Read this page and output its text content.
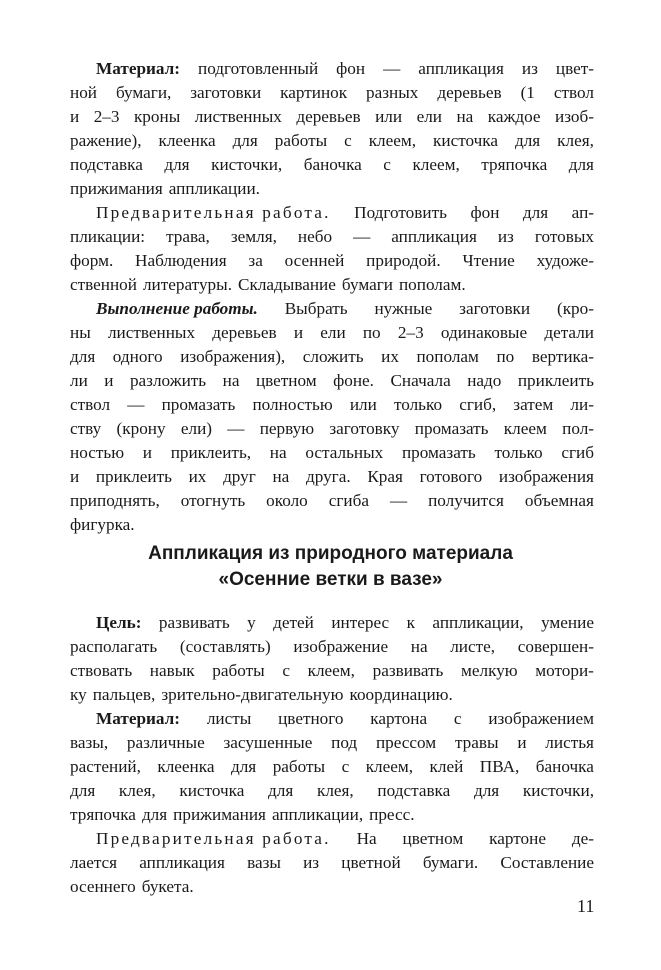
Материал: подготовленный фон — аппликация из цвет-
ной бумаги, заготовки картинок разных деревьев (1 ствол
и 2–3 кроны лиственных деревьев или ели на каждое изоб-
ражение), клеенка для работы с клеем, кисточка для клея,
подставка для кисточки, баночка с клеем, тряпочка для
прижимания аппликации.
Предварительная работа. Подготовить фон для ап-
пликации: трава, земля, небо — аппликация из готовых
форм. Наблюдения за осенней природой. Чтение художе-
ственной литературы. Складывание бумаги пополам.
Выполнение работы. Выбрать нужные заготовки (кро-
ны лиственных деревьев и ели по 2–3 одинаковые детали
для одного изображения), сложить их пополам по вертика-
ли и разложить на цветном фоне. Сначала надо приклеить
ствол — промазать полностью или только сгиб, затем ли-
ству (крону ели) — первую заготовку промазать клеем пол-
ностью и приклеить, на остальных промазать только сгиб
и приклеить их друг на друга. Края готового изображения
приподнять, отогнуть около сгиба — получится объемная
фигурка.
Аппликация из природного материала
«Осенние ветки в вазе»
Цель: развивать у детей интерес к аппликации, умение
располагать (составлять) изображение на листе, совершен-
ствовать навык работы с клеем, развивать мелкую мотори-
ку пальцев, зрительно-двигательную координацию.
Материал: листы цветного картона с изображением
вазы, различные засушенные под прессом травы и листья
растений, клеенка для работы с клеем, клей ПВА, баночка
для клея, кисточка для клея, подставка для кисточки,
тряпочка для прижимания аппликации, пресс.
Предварительная работа. На цветном картоне де-
лается аппликация вазы из цветной бумаги. Составление
осеннего букета.
11
